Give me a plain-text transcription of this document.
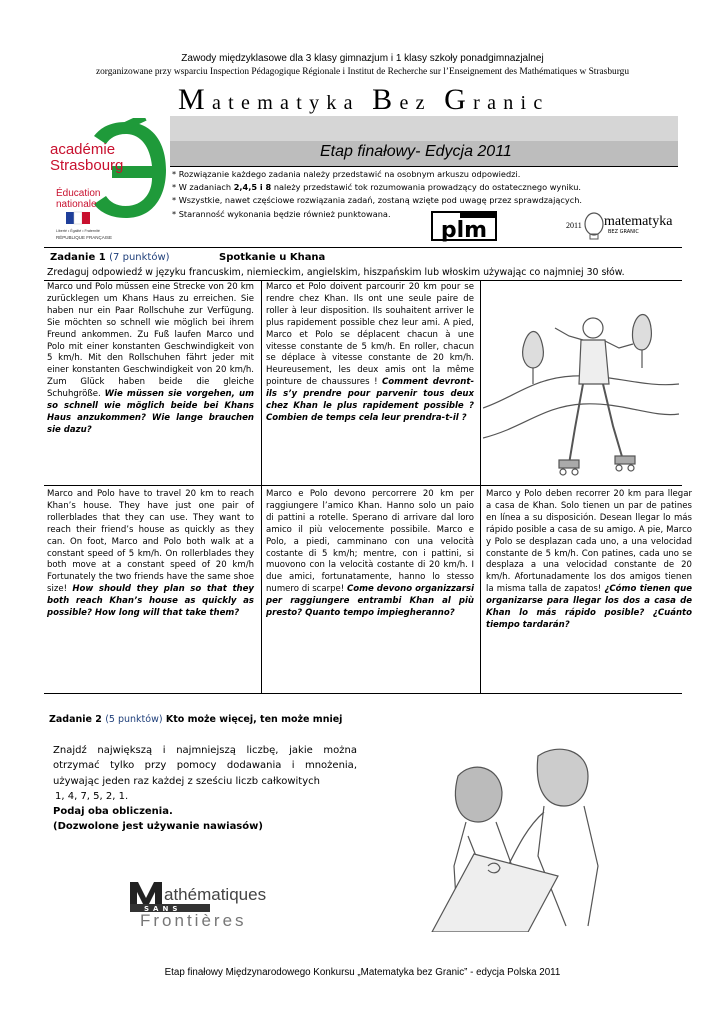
Zawody międzyklasowe dla 3 klasy gimnazjum i 1 klasy szkoły ponadgimnazjalnej
zorganizowane przy wsparciu Inspection Pédagogique Régionale i Institut de Recherche sur l’Enseignement des Mathématiques w Strasburgu
Matematyka Bez Granic
académie
Strasbourg
Éducation
nationale
Liberté • Égalité • Fraternité
RÉPUBLIQUE FRANÇAISE
Etap finałowy- Edycja 2011
* Rozwiązanie każdego zadania należy przedstawić na osobnym arkuszu odpowiedzi.
* W zadaniach 2,4,5 i 8 należy przedstawić tok rozumowania prowadzący do ostatecznego wyniku.
* Wszystkie, nawet częściowe rozwiązania zadań, zostaną wzięte pod uwagę przez sprawdzających.
* Staranność wykonania będzie również punktowana.
plm	2011 matematyka
BEZ GRANIC
Zadanie 1 (7 punktów)	Spotkanie u Khana
Zredaguj odpowiedź w języku francuskim, niemieckim, angielskim, hiszpańskim lub włoskim używając co najmniej 30 słów.
Marco und Polo müssen eine Strecke von 20 km zurücklegen um Khans Haus zu erreichen. Sie haben nur ein Paar Rollschuhe zur Verfügung. Sie möchten so schnell wie möglich bei ihrem Freund ankommen. Zu Fuß laufen Marco und Polo mit einer konstanten Geschwindigkeit von 5 km/h. Mit den Rollschuhen fährt jeder mit einer konstanten Geschwindigkeit von 20 km/h. Zum Glück haben beide die gleiche Schuhgröße. Wie müssen sie vorgehen, um so schnell wie möglich beide bei Khans Haus anzukommen? Wie lange brauchen sie dazu?
Marco et Polo doivent parcourir 20 km pour se rendre chez Khan. Ils ont une seule paire de roller à leur disposition. Ils souhaitent arriver le plus rapidement possible chez leur ami. A pied, Marco et Polo se déplacent chacun à une vitesse constante de 5 km/h. En roller, chacun se déplace à vitesse constante de 20 km/h. Heureusement, les deux amis ont la même pointure de chaussures ! Comment devront-ils s’y prendre pour parvenir tous deux chez Khan le plus rapidement possible ?Combien de temps cela leur prendra-t-il ?
Marco and Polo have to travel 20 km to reach Khan’s house. They have just one pair of rollerblades that they can use. They want to reach their friend’s house as quickly as they can. On foot, Marco and Polo both walk at a constant speed of 5 km/h. On rollerblades they both move at a constant speed of 20 km/h Fortunately the two friends have the same shoe size! How should they plan so that they both reach Khan’s house as quickly as possible? How long will that take them?
Marco e Polo devono percorrere 20 km per raggiungere l’amico Khan. Hanno solo un paio di pattini a rotelle. Sperano di arrivare dal loro amico il più velocemente possibile. Marco e Polo, a piedi, camminano con una velocità costante di 5 km/h; mentre, con i pattini, si muovono con la velocità costante di 20 km/h. I due amici, fortunatamente, hanno lo stesso numero di scarpe! Come devono organizzarsi per raggiungere entrambi Khan al più presto? Quanto tempo impiegheranno?
Marco y Polo deben recorrer 20 km para llegar a casa de Khan. Solo tienen un par de patines en línea a su disposición. Desean llegar lo más rápido posible a casa de su amigo. A pie, Marco y Polo se desplazan cada uno, a una velocidad constante de 5 km/h. Con patines, cada uno se desplaza a una velocidad constante de 20 km/h. Afortunadamente los dos amigos tienen la misma talla de zapatos! ¿Cómo tienen que organizarse para llegar los dos a casa de Khan lo más rápido posible? ¿Cuánto tiempo tardarán?
Zadanie 2 (5 punktów) Kto może więcej, ten może mniej
Znajdź największą i najmniejszą liczbę, jakie można otrzymać tylko przy pomocy dodawania i mnożenia, używając jeden raz każdej z sześciu liczb całkowitych
1, 4, 7, 5, 2, 1.
Podaj oba obliczenia.
(Dozwolone jest używanie nawiasów)
athématiques
SANS
Frontières
Etap finałowy Międzynarodowego Konkursu „Matematyka bez Granic” - edycja Polska 2011
